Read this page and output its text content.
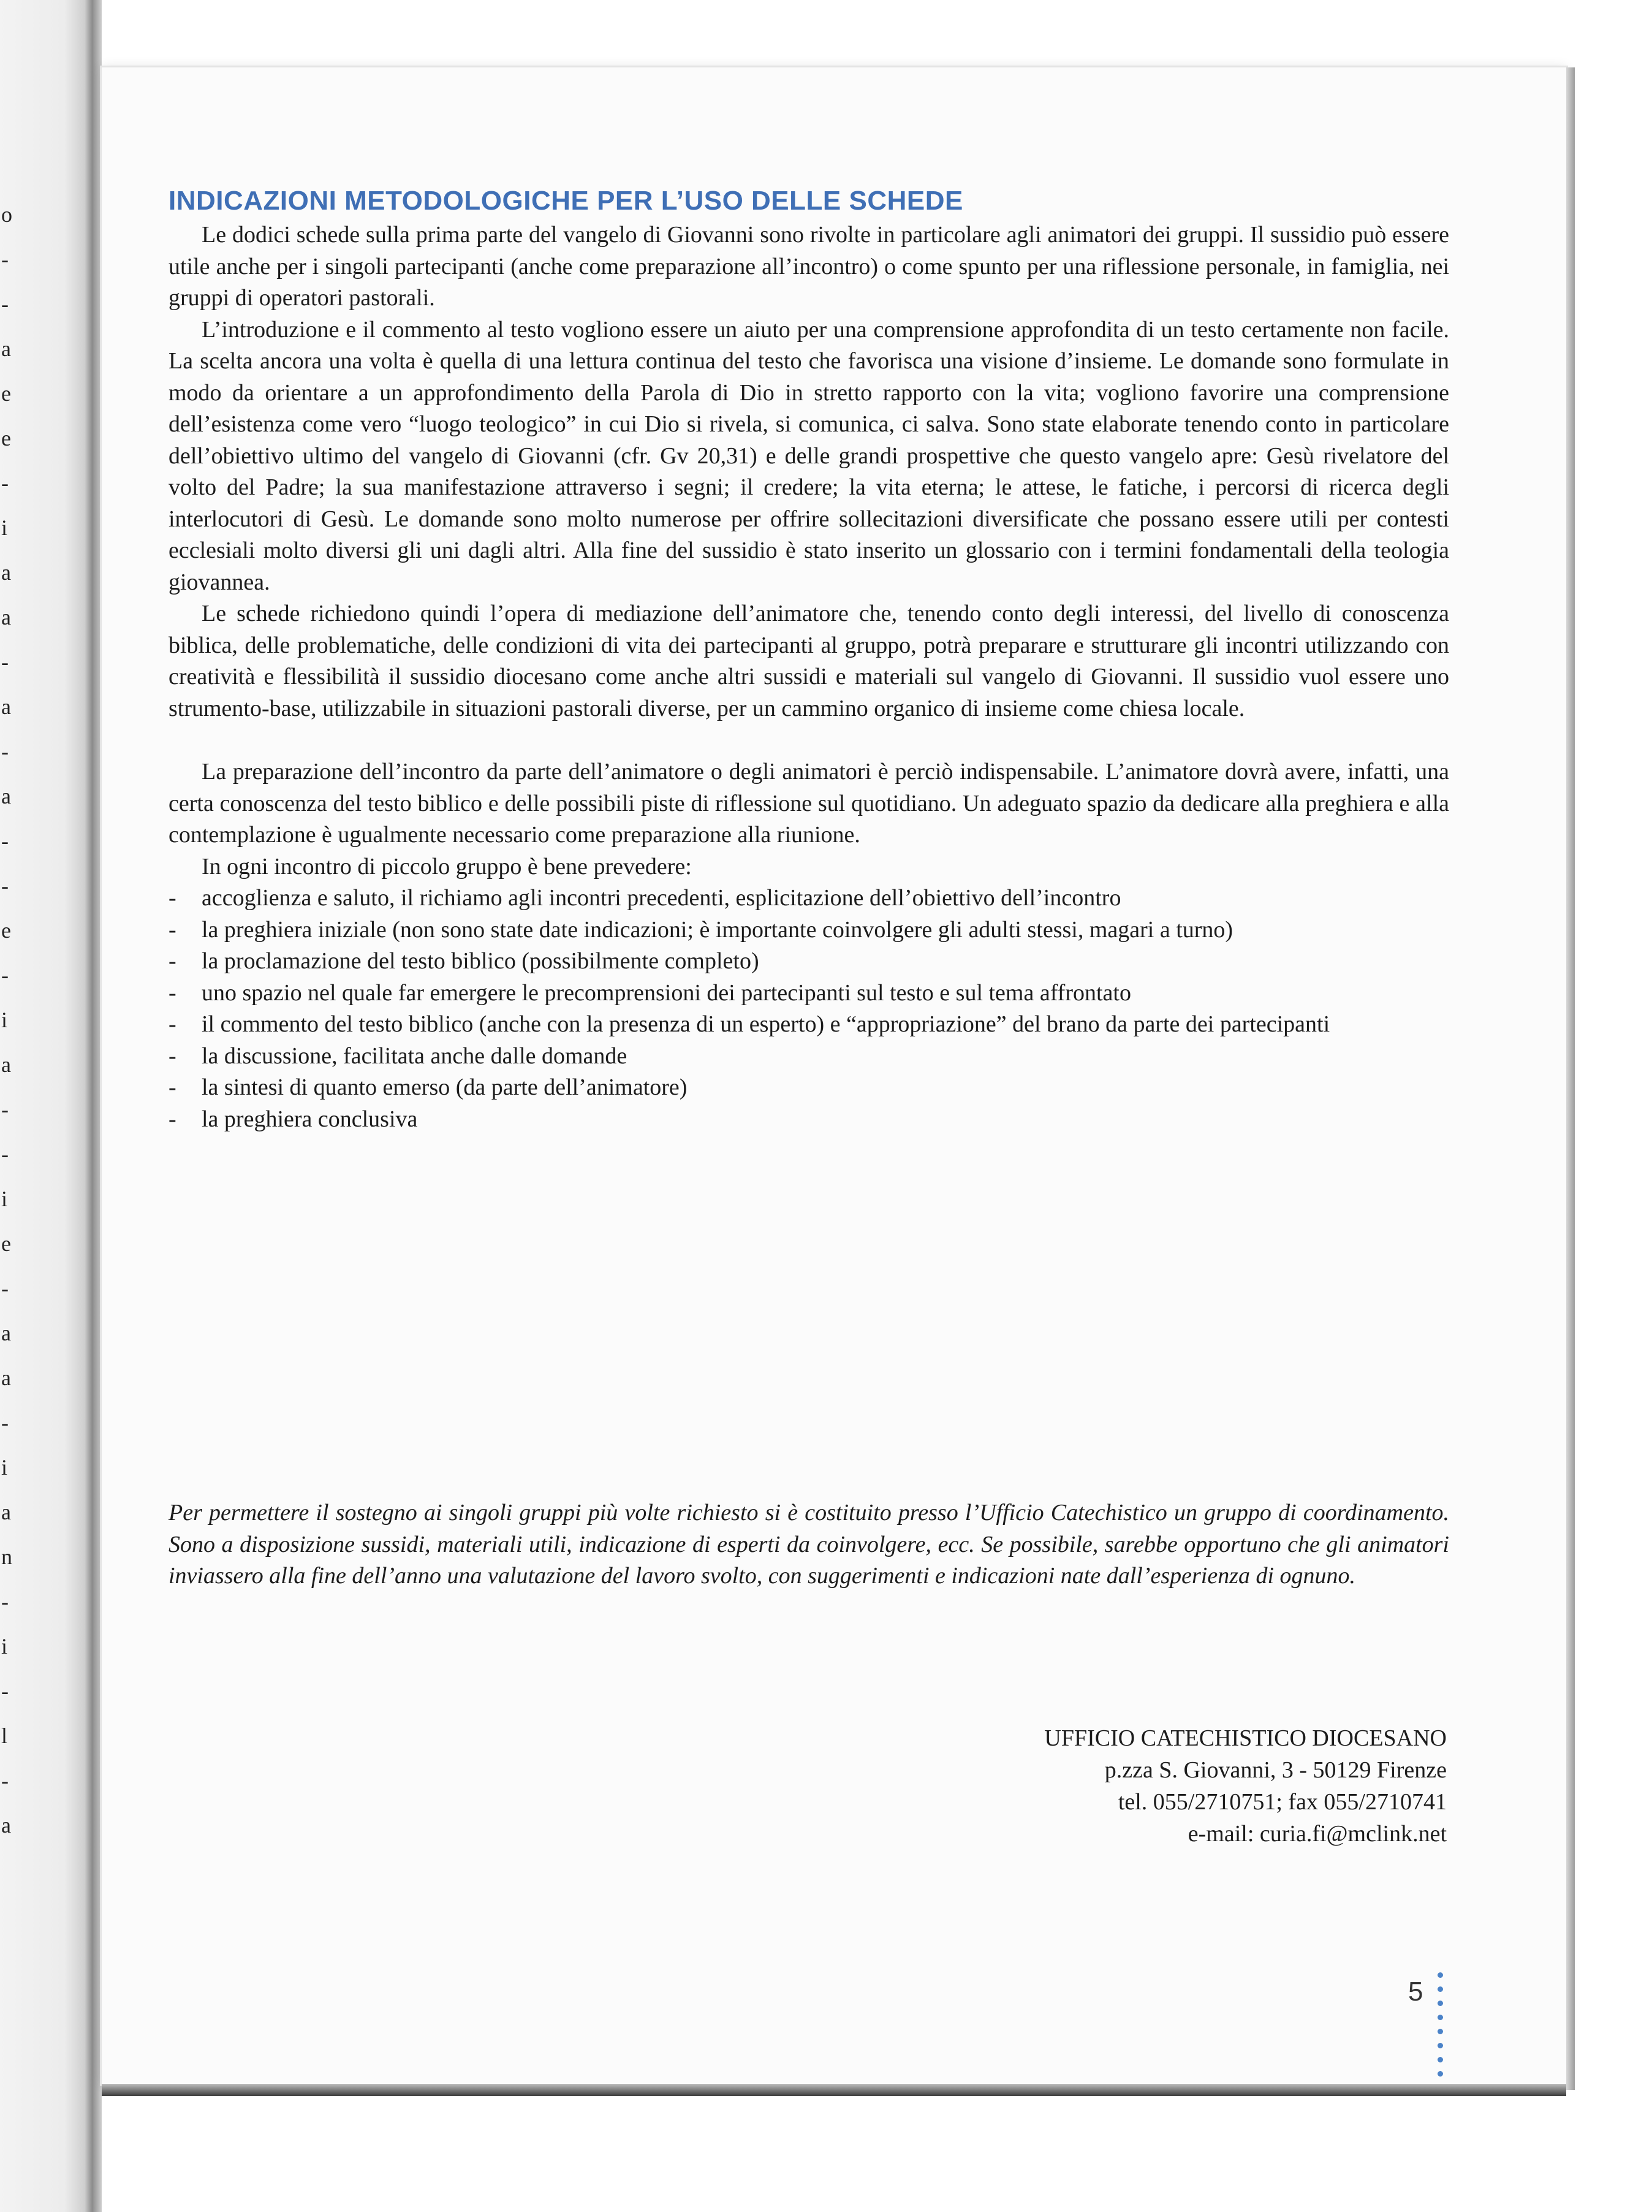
o
-
-
a
e
e
-
i
a
a
-
a
-
a
-
-
e
-
i
a
-
-
i
e
-
a
a
-
i
a
n
-
i
-
l
-
a
INDICAZIONI METODOLOGICHE PER L’USO DELLE SCHEDE

Le dodici schede sulla prima parte del vangelo di Giovanni sono rivolte in particolare agli animatori dei gruppi. Il sussidio può essere utile anche per i singoli partecipanti (anche come preparazione all’incontro) o come spunto per una riflessione personale, in famiglia, nei gruppi di operatori pastorali.

L’introduzione e il commento al testo vogliono essere un aiuto per una comprensione approfondita di un testo certamente non facile. La scelta ancora una volta è quella di una lettura continua del testo che favorisca una visione d’insieme. Le domande sono formulate in modo da orientare a un approfondimento della Parola di Dio in stretto rapporto con la vita; vogliono favorire una comprensione dell’esistenza come vero “luogo teologico” in cui Dio si rivela, si comunica, ci salva. Sono state elaborate tenendo conto in particolare dell’obiettivo ultimo del vangelo di Giovanni (cfr. Gv 20,31) e delle grandi prospettive che questo vangelo apre: Gesù rivelatore del volto del Padre; la sua manifestazione attraverso i segni; il credere; la vita eterna; le attese, le fatiche, i percorsi di ricerca degli interlocutori di Gesù. Le domande sono molto numerose per offrire sollecitazioni diversificate che possano essere utili per contesti ecclesiali molto diversi gli uni dagli altri. Alla fine del sussidio è stato inserito un glossario con i termini fondamentali della teologia giovannea.

Le schede richiedono quindi l’opera di mediazione dell’animatore che, tenendo conto degli interessi, del livello di conoscenza biblica, delle problematiche, delle condizioni di vita dei partecipanti al gruppo, potrà preparare e strutturare gli incontri utilizzando con creatività e flessibilità il sussidio diocesano come anche altri sussidi e materiali sul vangelo di Giovanni. Il sussidio vuol essere uno strumento-base, utilizzabile in situazioni pastorali diverse, per un cammino organico di insieme come chiesa locale.

La preparazione dell’incontro da parte dell’animatore o degli animatori è perciò indispensabile. L’animatore dovrà avere, infatti, una certa conoscenza del testo biblico e delle possibili piste di riflessione sul quotidiano. Un adeguato spazio da dedicare alla preghiera e alla contemplazione è ugualmente necessario come preparazione alla riunione.

In ogni incontro di piccolo gruppo è bene prevedere:

- accoglienza e saluto, il richiamo agli incontri precedenti, esplicitazione dell’obiettivo dell’incontro
- la preghiera iniziale (non sono state date indicazioni; è importante coinvolgere gli adulti stessi, magari a turno)
- la proclamazione del testo biblico (possibilmente completo)
- uno spazio nel quale far emergere le precomprensioni dei partecipanti sul testo e sul tema affrontato
- il commento del testo biblico (anche con la presenza di un esperto) e “appropriazione” del brano da parte dei partecipanti
- la discussione, facilitata anche dalle domande
- la sintesi di quanto emerso (da parte dell’animatore)
- la preghiera conclusiva

Per permettere il sostegno ai singoli gruppi più volte richiesto si è costituito presso l’Ufficio Catechistico un gruppo di coordinamento. Sono a disposizione sussidi, materiali utili, indicazione di esperti da coinvolgere, ecc. Se possibile, sarebbe opportuno che gli animatori inviassero alla fine dell’anno una valutazione del lavoro svolto, con suggerimenti e indicazioni nate dall’esperienza di ognuno.

UFFICIO CATECHISTICO DIOCESANO
p.zza S. Giovanni, 3 - 50129 Firenze
tel. 055/2710751; fax 055/2710741
e-mail: curia.fi@mclink.net
5
